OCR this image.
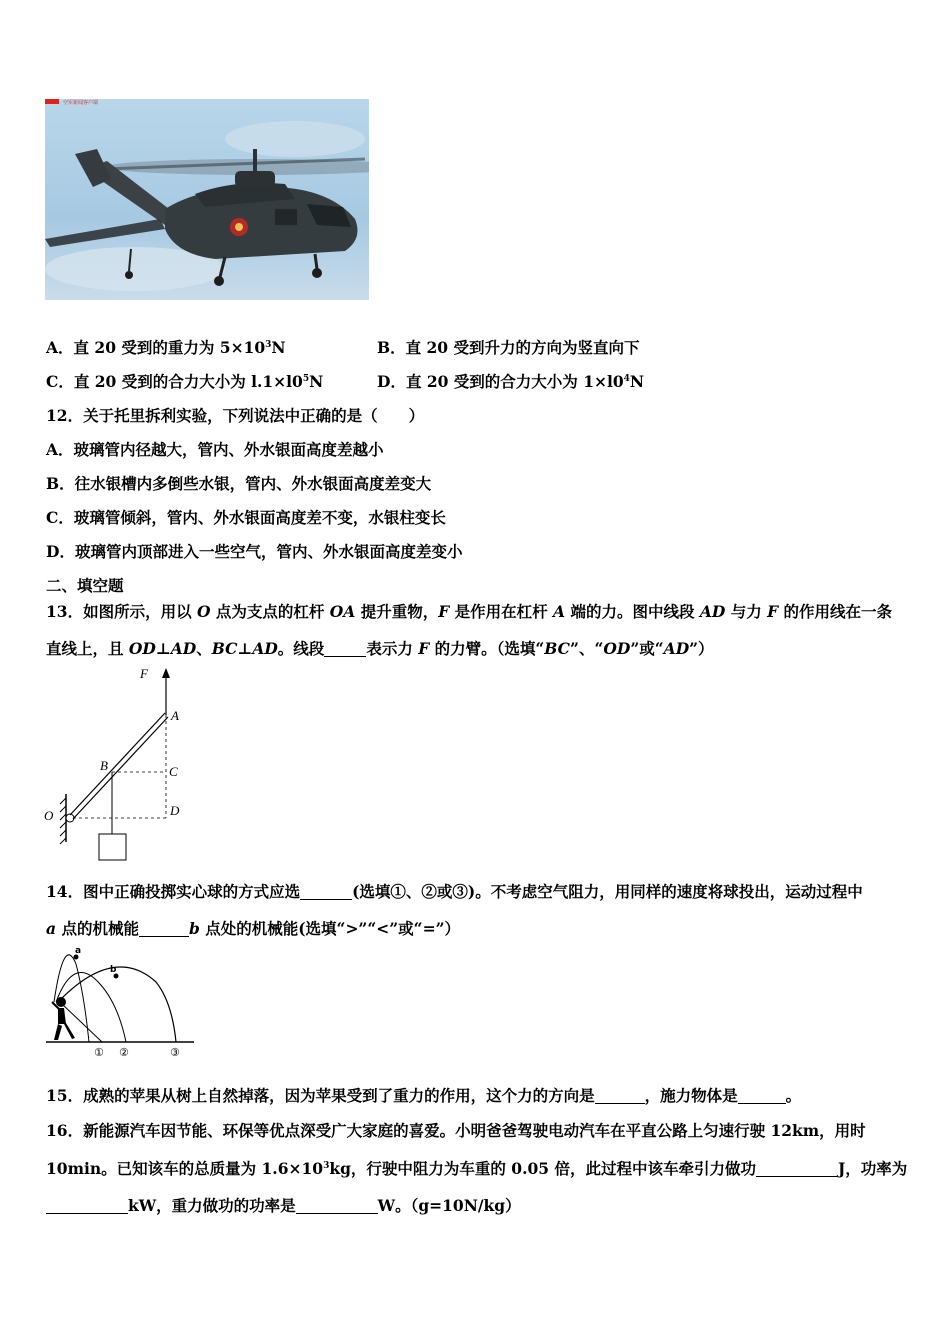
空军新闻客户端
A．直 20 受到的重力为 $5\times 10^3N$	B．直 20 受到升力的方向为竖直向下
C．直 20 受到的合力大小为 $l.1\times l0^5N$	D．直 20 受到的合力大小为 $1\times l0^4N$
12．关于托里拆利实验，下列说法中正确的是（　　）
A．玻璃管内径越大，管内、外水银面高度差越小
B．往水银槽内多倒些水银，管内、外水银面高度差变大
C．玻璃管倾斜，管内、外水银面高度差不变，水银柱变长
D．玻璃管内顶部进入一些空气，管内、外水银面高度差变小
二、填空题
13．如图所示，用以 O 点为支点的杠杆 OA 提升重物，F 是作用在杠杆 A 端的力。图中线段 AD 与力 F 的作用线在一条
直线上，且 OD⊥AD、BC⊥AD。线段	表示力 F 的力臂。（选填“BC”、“OD”或“AD”）
F
A
B	C
O	D
14．图中正确投掷实心球的方式应选	(选填①、②或③)。不考虑空气阻力，用同样的速度将球投出，运动过程中
a 点的机械能	b 点处的机械能(选填“>”“<”或“=”）
a
b
① ②	③
15．成熟的苹果从树上自然掉落，因为苹果受到了重力的作用，这个力的方向是	，施力物体是	。
16．新能源汽车因节能、环保等优点深受广大家庭的喜爱。小明爸爸驾驶电动汽车在平直公路上匀速行驶 12km，用时
10min。已知该车的总质量为 $1.6\times 10^3kg$，行驶中阻力为车重的 0.05 倍，此过程中该车牵引力做功	J，功率为
kW，重力做功的功率是	W。（g=10N/kg）
